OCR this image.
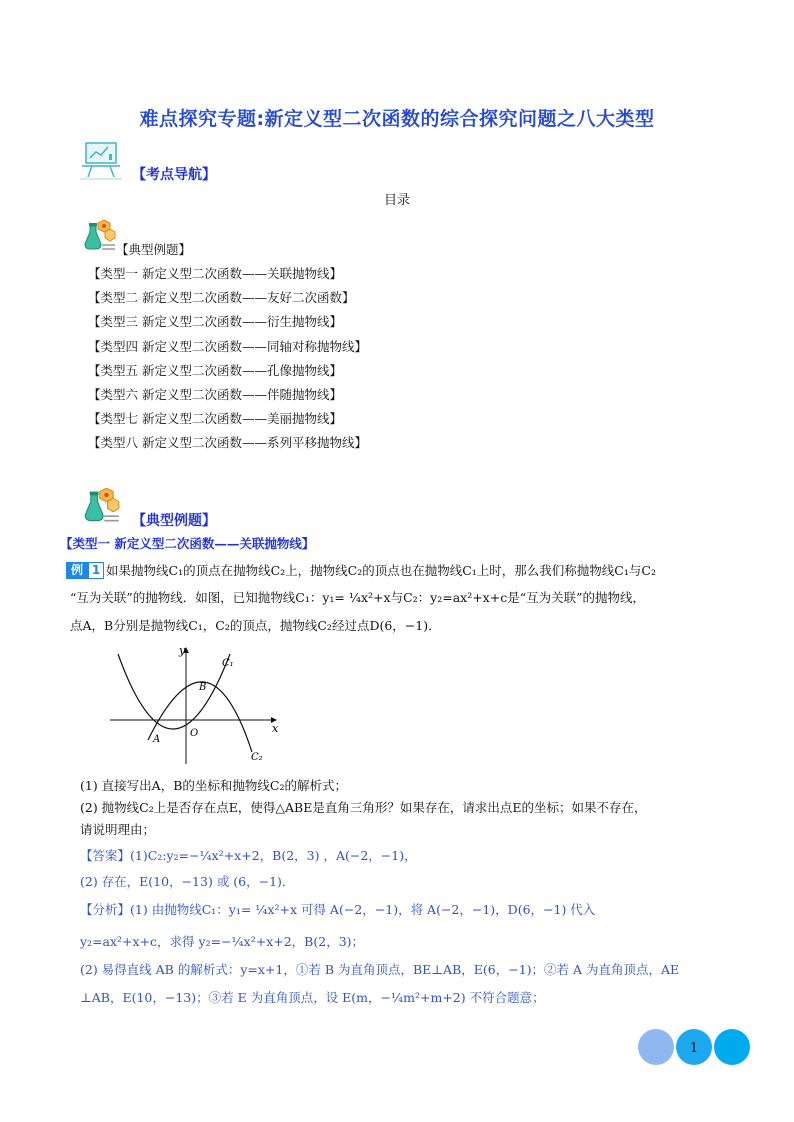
难点探究专题:新定义型二次函数的综合探究问题之八大类型
【考点导航】
目录
【典型例题】
【类型一 新定义型二次函数——关联抛物线】
【类型二 新定义型二次函数——友好二次函数】
【类型三 新定义型二次函数——衍生抛物线】
【类型四 新定义型二次函数——同轴对称抛物线】
【类型五 新定义型二次函数——孔像抛物线】
【类型六 新定义型二次函数——伴随抛物线】
【类型七 新定义型二次函数——美丽抛物线】
【类型八 新定义型二次函数——系列平移抛物线】
【典型例题】
【类型一 新定义型二次函数——关联抛物线】
例 1 如果抛物线C₁的顶点在抛物线C₂上，抛物线C₂的顶点也在抛物线C₁上时，那么我们称抛物线C₁与C₂
“互为关联”的抛物线．如图，已知抛物线C₁：y₁= ¼x²+x与C₂：y₂=ax²+x+c是“互为关联”的抛物线，
点A，B分别是抛物线C₁，C₂的顶点，抛物线C₂经过点D(6，−1)．
y
x
O
A
B
C₁
C₂
(1) 直接写出A，B的坐标和抛物线C₂的解析式；
(2) 抛物线C₂上是否存在点E，使得△ABE是直角三角形？如果存在，请求出点E的坐标；如果不存在，
请说明理由；
【答案】(1)C₂:y₂=−¼x²+x+2，B(2，3) ，A(−2，−1)，
(2) 存在，E(10，−13) 或 (6，−1)．
【分析】(1) 由抛物线C₁：y₁= ¼x²+x 可得 A(−2，−1)，将 A(−2，−1)，D(6，−1) 代入
y₂=ax²+x+c，求得 y₂=−¼x²+x+2，B(2，3)；
(2) 易得直线 AB 的解析式：y=x+1，①若 B 为直角顶点，BE⊥AB，E(6，−1)；②若 A 为直角顶点，AE
⊥AB，E(10，−13)；③若 E 为直角顶点，设 E(m，−¼m²+m+2) 不符合题意；
1
